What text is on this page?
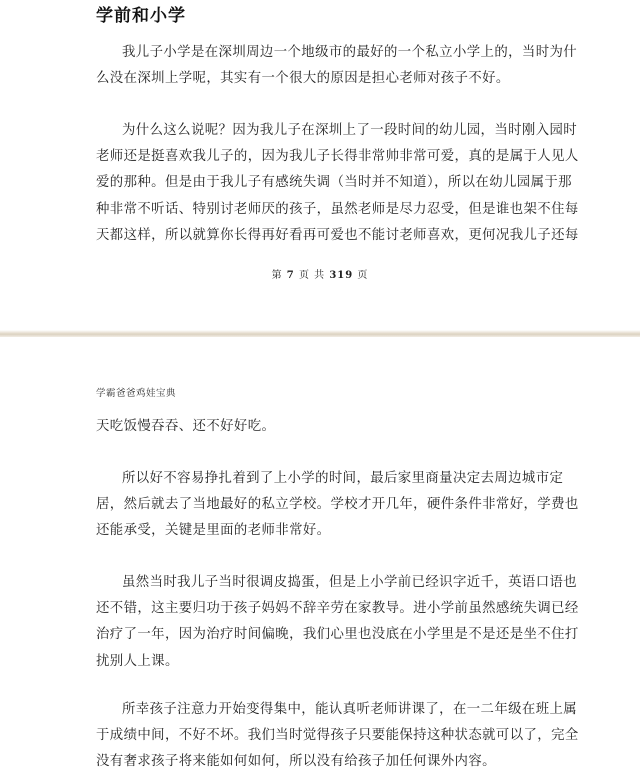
学前和小学

我儿子小学是在深圳周边一个地级市的最好的一个私立小学上的，当时为什
么没在深圳上学呢，其实有一个很大的原因是担心老师对孩子不好。

为什么这么说呢？因为我儿子在深圳上了一段时间的幼儿园，当时刚入园时
老师还是挺喜欢我儿子的，因为我儿子长得非常帅非常可爱，真的是属于人见人
爱的那种。但是由于我儿子有感统失调（当时并不知道），所以在幼儿园属于那
种非常不听话、特别讨老师厌的孩子，虽然老师是尽力忍受，但是谁也架不住每
天都这样，所以就算你长得再好看再可爱也不能讨老师喜欢，更何况我儿子还每

第 7 页 共 319 页
学霸爸爸鸡娃宝典

天吃饭慢吞吞、还不好好吃。

所以好不容易挣扎着到了上小学的时间，最后家里商量决定去周边城市定
居，然后就去了当地最好的私立学校。学校才开几年，硬件条件非常好，学费也
还能承受，关键是里面的老师非常好。

虽然当时我儿子当时很调皮捣蛋，但是上小学前已经识字近千，英语口语也
还不错，这主要归功于孩子妈妈不辞辛劳在家教导。进小学前虽然感统失调已经
治疗了一年，因为治疗时间偏晚，我们心里也没底在小学里是不是还是坐不住打
扰别人上课。

所幸孩子注意力开始变得集中，能认真听老师讲课了，在一二年级在班上属
于成绩中间，不好不坏。我们当时觉得孩子只要能保持这种状态就可以了，完全
没有奢求孩子将来能如何如何，所以没有给孩子加任何课外内容。
